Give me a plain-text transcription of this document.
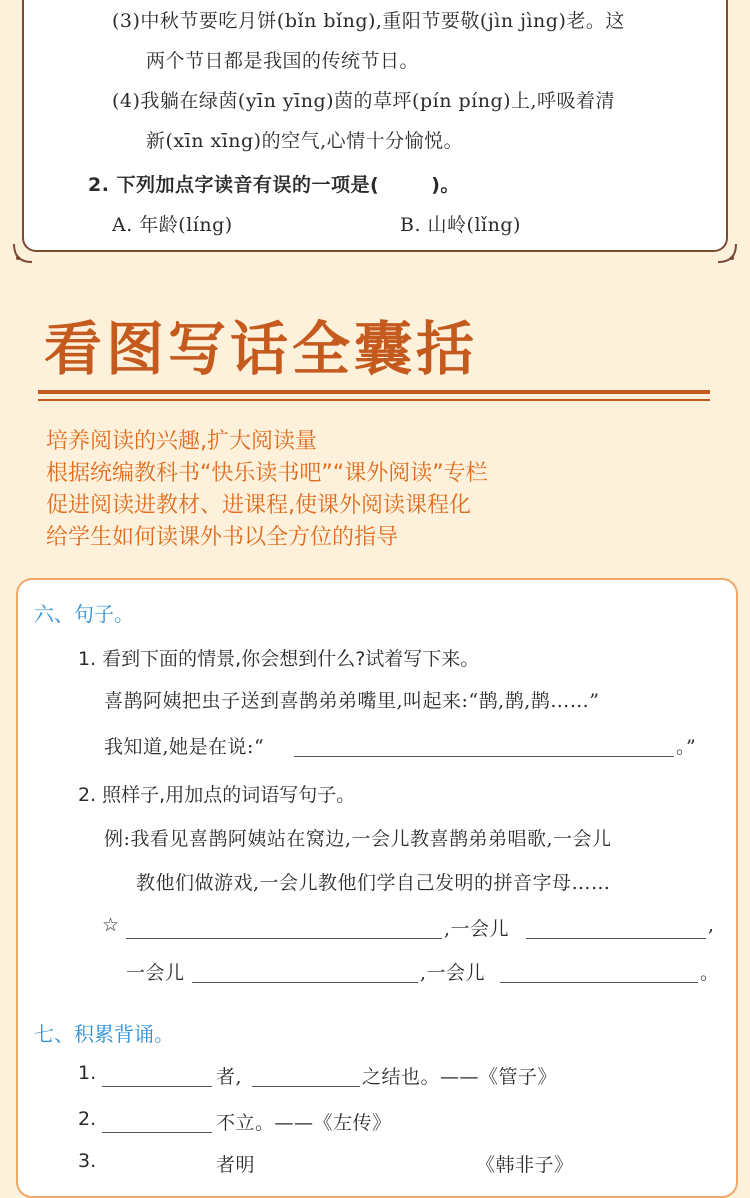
(3)中秋节要吃月饼(bǐn bǐng),重阳节要敬(jìn jìng)老。这
两个节日都是我国的传统节日。
(4)我躺在绿茵(yīn yīng)茵的草坪(pín píng)上,呼吸着清
新(xīn xīng)的空气,心情十分愉悦。
2. 下列加点字读音有误的一项是(	)。
A. 年龄(líng)	B. 山岭(lǐng)
看图写话全囊括
培养阅读的兴趣,扩大阅读量
根据统编教科书“快乐读书吧”“课外阅读”专栏
促进阅读进教材、进课程,使课外阅读课程化
给学生如何读课外书以全方位的指导
六、句子。
1. 看到下面的情景,你会想到什么?试着写下来。
喜鹊阿姨把虫子送到喜鹊弟弟嘴里,叫起来:“鹊,鹊,鹊……”
我知道,她是在说:“	。”
2. 照样子,用加点的词语写句子。
例:我看见喜鹊阿姨站在窝边,一会儿教喜鹊弟弟唱歌,一会儿
教他们做游戏,一会儿教他们学自己发明的拼音字母……
☆	,一会儿	,
一会儿	,一会儿	。
七、积累背诵。
1.	者,	之结也。——《管子》
2.	不立。——《左传》
3.	者明	《韩非子》
